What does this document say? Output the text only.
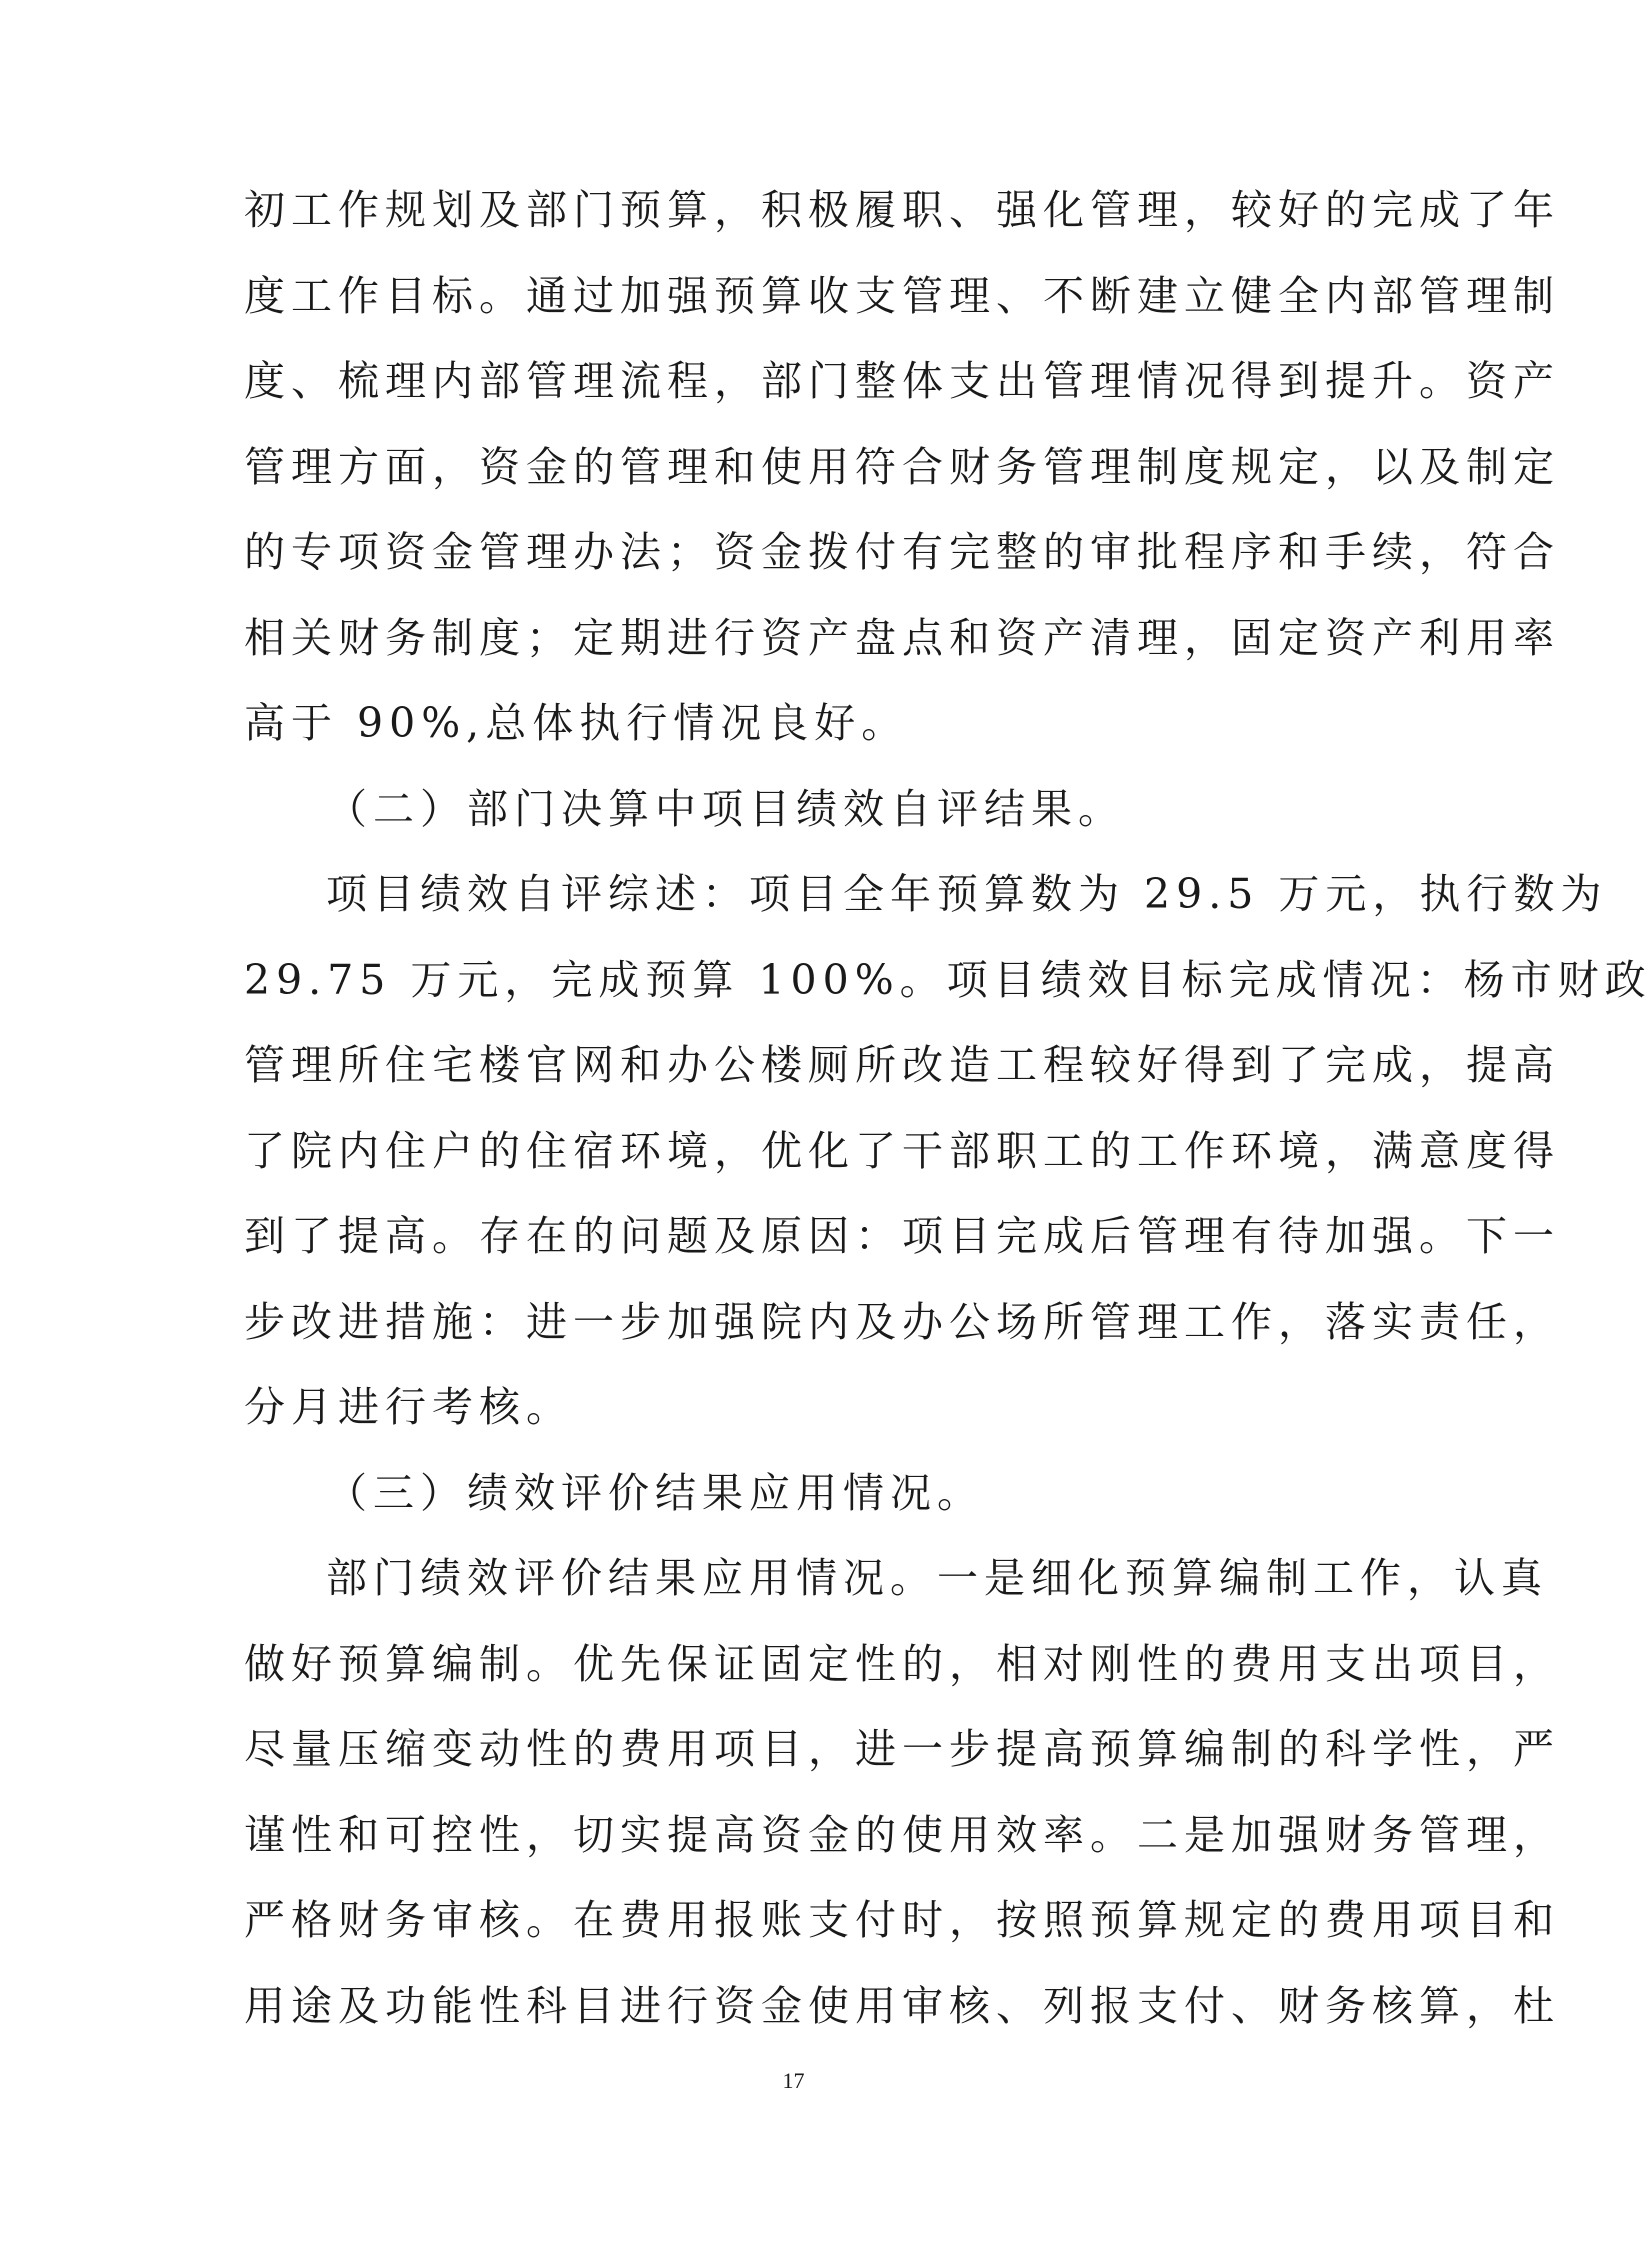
初工作规划及部门预算，积极履职、强化管理，较好的完成了年
度工作目标。通过加强预算收支管理、不断建立健全内部管理制
度、梳理内部管理流程，部门整体支出管理情况得到提升。资产
管理方面，资金的管理和使用符合财务管理制度规定，以及制定
的专项资金管理办法；资金拨付有完整的审批程序和手续，符合
相关财务制度；定期进行资产盘点和资产清理，固定资产利用率
高于 90%,总体执行情况良好。
（二）部门决算中项目绩效自评结果。
项目绩效自评综述：项目全年预算数为 29.5 万元，执行数为
29.75 万元，完成预算 100%。项目绩效目标完成情况：杨市财政
管理所住宅楼官网和办公楼厕所改造工程较好得到了完成，提高
了院内住户的住宿环境，优化了干部职工的工作环境，满意度得
到了提高。存在的问题及原因：项目完成后管理有待加强。下一
步改进措施：进一步加强院内及办公场所管理工作，落实责任，
分月进行考核。
（三）绩效评价结果应用情况。
部门绩效评价结果应用情况。一是细化预算编制工作，认真
做好预算编制。优先保证固定性的，相对刚性的费用支出项目，
尽量压缩变动性的费用项目，进一步提高预算编制的科学性，严
谨性和可控性，切实提高资金的使用效率。二是加强财务管理，
严格财务审核。在费用报账支付时，按照预算规定的费用项目和
用途及功能性科目进行资金使用审核、列报支付、财务核算，杜
17
